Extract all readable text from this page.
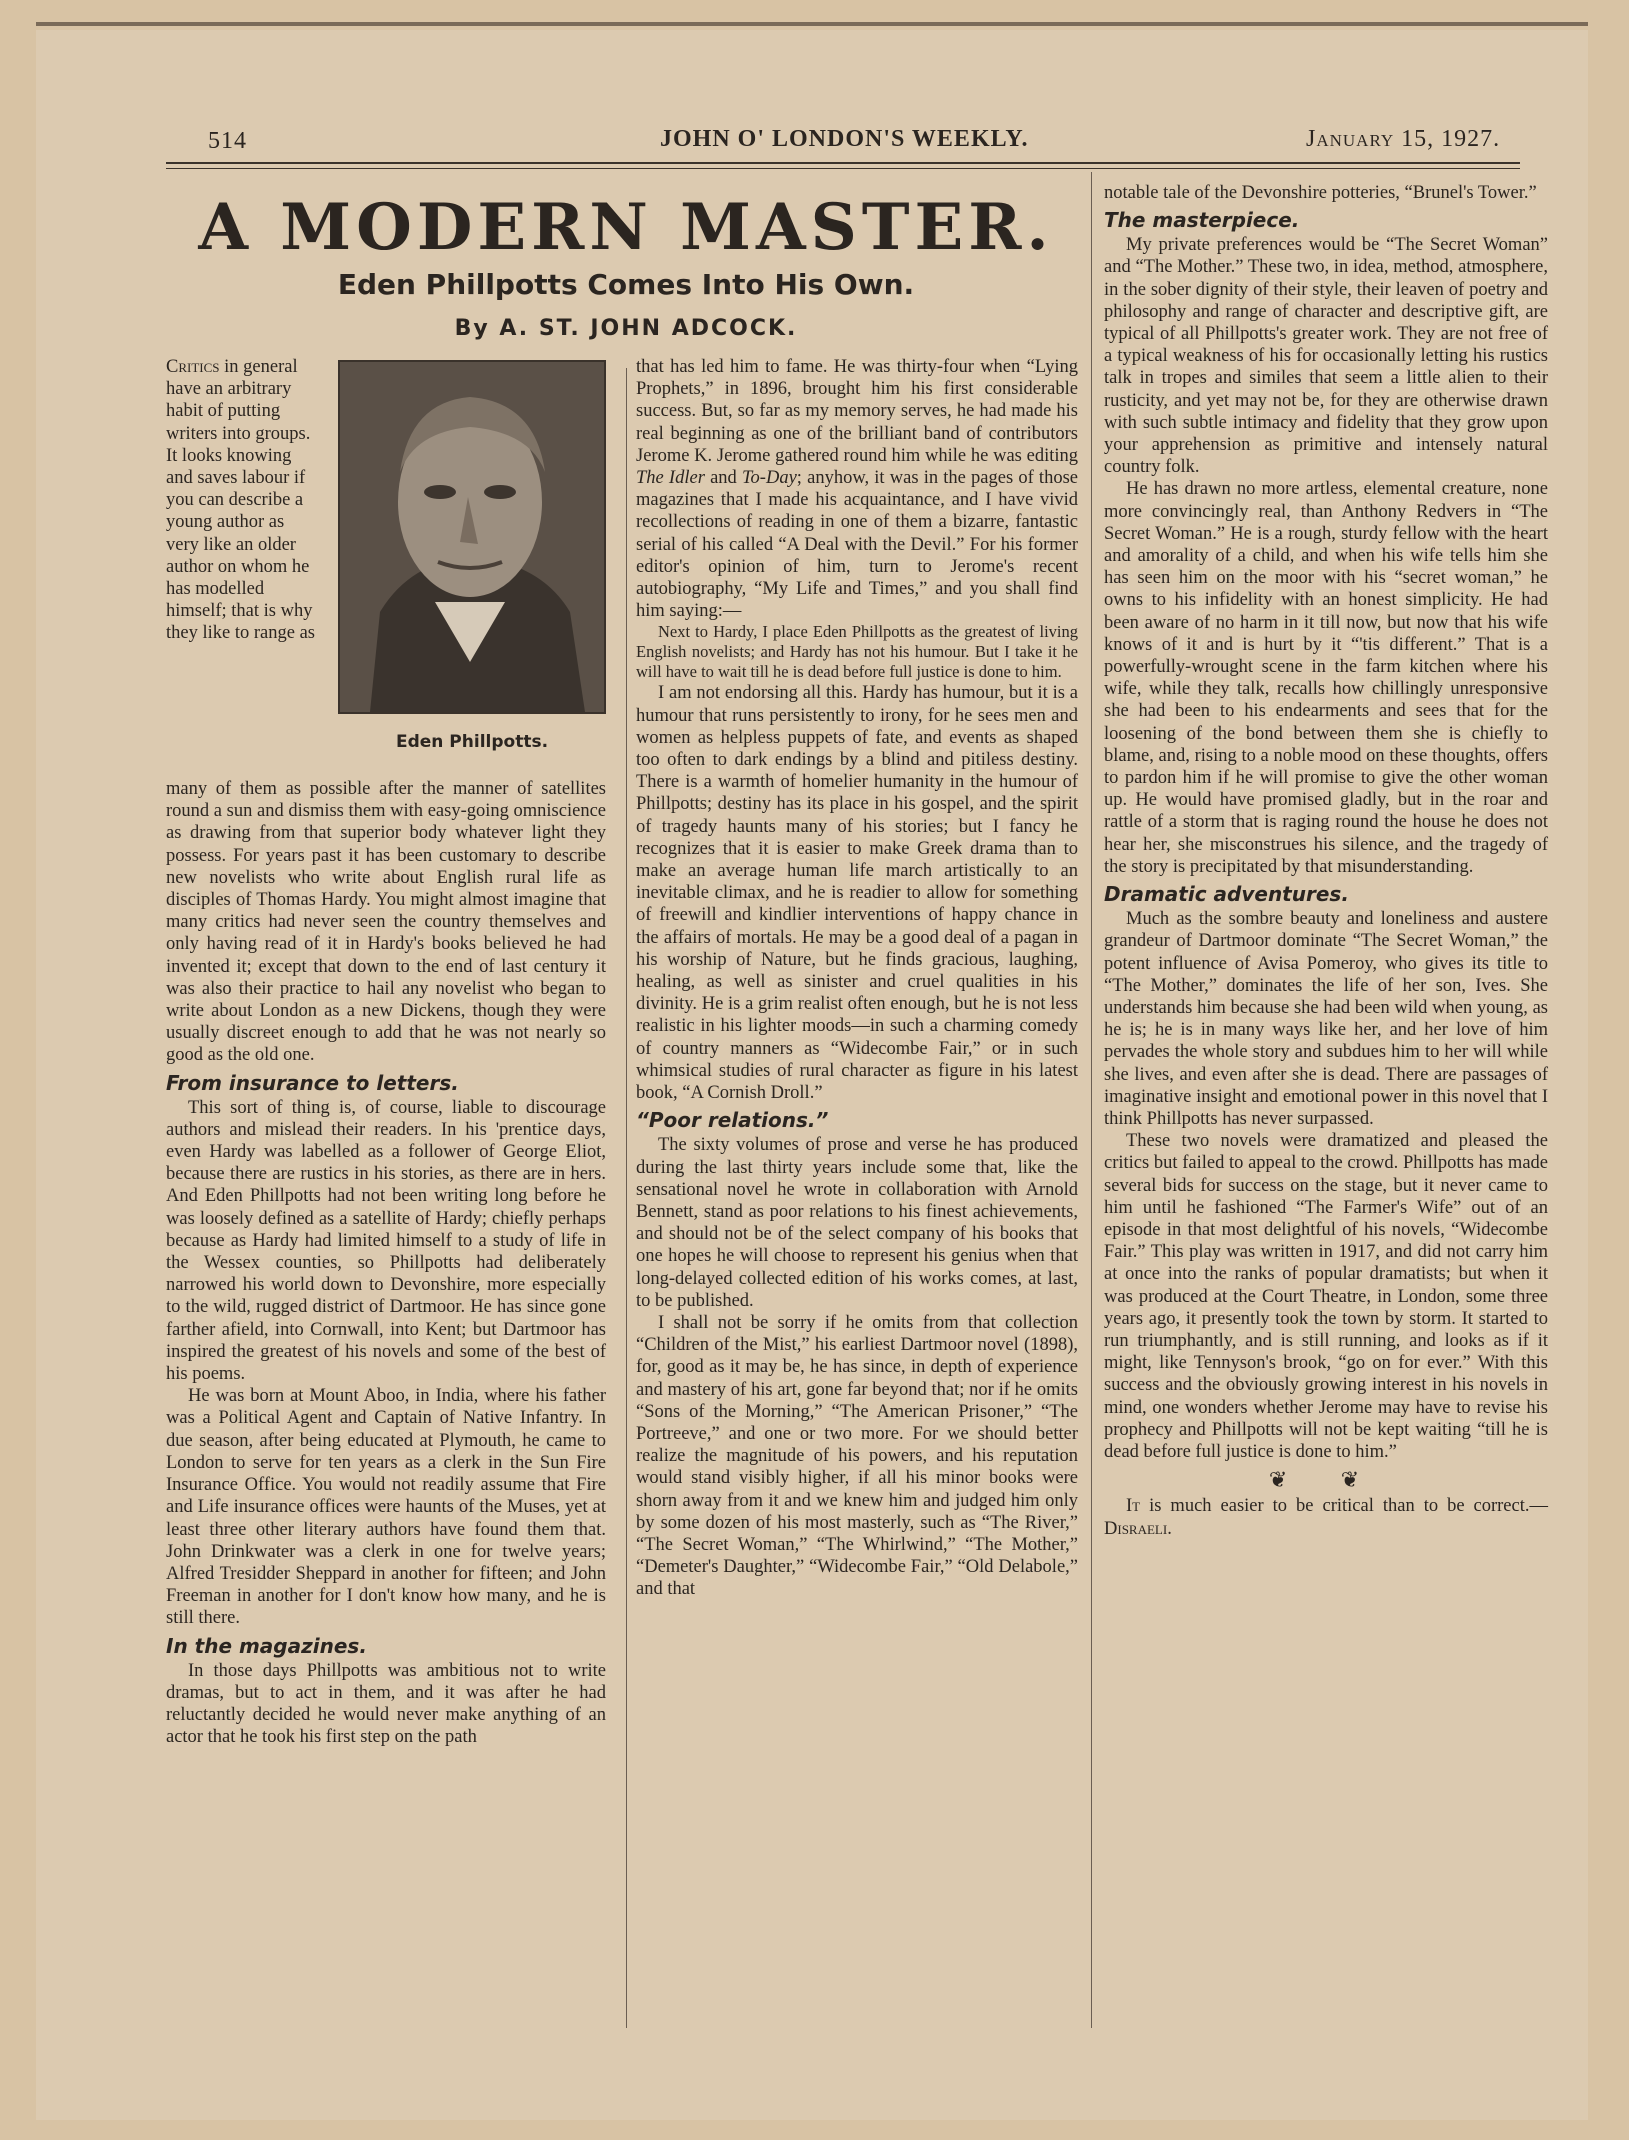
514	JOHN O' LONDON'S WEEKLY.	January 15, 1927.
A MODERN MASTER.
Eden Phillpotts Comes Into His Own.
By A. ST. JOHN ADCOCK.
Eden Phillpotts.

Critics in general have an arbitrary habit of putting writers into groups. It looks knowing and saves labour if you can describe a young author as very like an older author on whom he has modelled himself; that is why they like to range as

many of them as possible after the manner of satellites round a sun and dismiss them with easy-going omniscience as drawing from that superior body whatever light they possess. For years past it has been customary to describe new novelists who write about English rural life as disciples of Thomas Hardy. You might almost imagine that many critics had never seen the country themselves and only having read of it in Hardy's books believed he had invented it; except that down to the end of last century it was also their practice to hail any novelist who began to write about London as a new Dickens, though they were usually discreet enough to add that he was not nearly so good as the old one.

From insurance to letters.

This sort of thing is, of course, liable to discourage authors and mislead their readers. In his 'prentice days, even Hardy was labelled as a follower of George Eliot, because there are rustics in his stories, as there are in hers. And Eden Phillpotts had not been writing long before he was loosely defined as a satellite of Hardy; chiefly perhaps because as Hardy had limited himself to a study of life in the Wessex counties, so Phillpotts had deliberately narrowed his world down to Devonshire, more especially to the wild, rugged district of Dartmoor. He has since gone farther afield, into Cornwall, into Kent; but Dartmoor has inspired the greatest of his novels and some of the best of his poems.

He was born at Mount Aboo, in India, where his father was a Political Agent and Captain of Native Infantry. In due season, after being educated at Plymouth, he came to London to serve for ten years as a clerk in the Sun Fire Insurance Office. You would not readily assume that Fire and Life insurance offices were haunts of the Muses, yet at least three other literary authors have found them that. John Drinkwater was a clerk in one for twelve years; Alfred Tresidder Sheppard in another for fifteen; and John Freeman in another for I don't know how many, and he is still there.

In the magazines.

In those days Phillpotts was ambitious not to write dramas, but to act in them, and it was after he had reluctantly decided he would never make anything of an actor that he took his first step on the path

that has led him to fame. He was thirty-four when “Lying Prophets,” in 1896, brought him his first considerable success. But, so far as my memory serves, he had made his real beginning as one of the brilliant band of contributors Jerome K. Jerome gathered round him while he was editing The Idler and To-Day; anyhow, it was in the pages of those magazines that I made his acquaintance, and I have vivid recollections of reading in one of them a bizarre, fantastic serial of his called “A Deal with the Devil.” For his former editor's opinion of him, turn to Jerome's recent autobiography, “My Life and Times,” and you shall find him saying:—

Next to Hardy, I place Eden Phillpotts as the greatest of living English novelists; and Hardy has not his humour. But I take it he will have to wait till he is dead before full justice is done to him.

I am not endorsing all this. Hardy has humour, but it is a humour that runs persistently to irony, for he sees men and women as helpless puppets of fate, and events as shaped too often to dark endings by a blind and pitiless destiny. There is a warmth of homelier humanity in the humour of Phillpotts; destiny has its place in his gospel, and the spirit of tragedy haunts many of his stories; but I fancy he recognizes that it is easier to make Greek drama than to make an average human life march artistically to an inevitable climax, and he is readier to allow for something of freewill and kindlier interventions of happy chance in the affairs of mortals. He may be a good deal of a pagan in his worship of Nature, but he finds gracious, laughing, healing, as well as sinister and cruel qualities in his divinity. He is a grim realist often enough, but he is not less realistic in his lighter moods—in such a charming comedy of country manners as “Widecombe Fair,” or in such whimsical studies of rural character as figure in his latest book, “A Cornish Droll.”

“Poor relations.”

The sixty volumes of prose and verse he has produced during the last thirty years include some that, like the sensational novel he wrote in collaboration with Arnold Bennett, stand as poor relations to his finest achievements, and should not be of the select company of his books that one hopes he will choose to represent his genius when that long-delayed collected edition of his works comes, at last, to be published.

I shall not be sorry if he omits from that collection “Children of the Mist,” his earliest Dartmoor novel (1898), for, good as it may be, he has since, in depth of experience and mastery of his art, gone far beyond that; nor if he omits “Sons of the Morning,” “The American Prisoner,” “The Portreeve,” and one or two more. For we should better realize the magnitude of his powers, and his reputation would stand visibly higher, if all his minor books were shorn away from it and we knew him and judged him only by some dozen of his most masterly, such as “The River,” “The Secret Woman,” “The Whirlwind,” “The Mother,” “Demeter's Daughter,” “Widecombe Fair,” “Old Delabole,” and that

notable tale of the Devonshire potteries, “Brunel's Tower.”

The masterpiece.

My private preferences would be “The Secret Woman” and “The Mother.” These two, in idea, method, atmosphere, in the sober dignity of their style, their leaven of poetry and philosophy and range of character and descriptive gift, are typical of all Phillpotts's greater work. They are not free of a typical weakness of his for occasionally letting his rustics talk in tropes and similes that seem a little alien to their rusticity, and yet may not be, for they are otherwise drawn with such subtle intimacy and fidelity that they grow upon your apprehension as primitive and intensely natural country folk.

He has drawn no more artless, elemental creature, none more convincingly real, than Anthony Redvers in “The Secret Woman.” He is a rough, sturdy fellow with the heart and amorality of a child, and when his wife tells him she has seen him on the moor with his “secret woman,” he owns to his infidelity with an honest simplicity. He had been aware of no harm in it till now, but now that his wife knows of it and is hurt by it “'tis different.” That is a powerfully-wrought scene in the farm kitchen where his wife, while they talk, recalls how chillingly unresponsive she had been to his endearments and sees that for the loosening of the bond between them she is chiefly to blame, and, rising to a noble mood on these thoughts, offers to pardon him if he will promise to give the other woman up. He would have promised gladly, but in the roar and rattle of a storm that is raging round the house he does not hear her, she misconstrues his silence, and the tragedy of the story is precipitated by that misunderstanding.

Dramatic adventures.

Much as the sombre beauty and loneliness and austere grandeur of Dartmoor dominate “The Secret Woman,” the potent influence of Avisa Pomeroy, who gives its title to “The Mother,” dominates the life of her son, Ives. She understands him because she had been wild when young, as he is; he is in many ways like her, and her love of him pervades the whole story and subdues him to her will while she lives, and even after she is dead. There are passages of imaginative insight and emotional power in this novel that I think Phillpotts has never surpassed.

These two novels were dramatized and pleased the critics but failed to appeal to the crowd. Phillpotts has made several bids for success on the stage, but it never came to him until he fashioned “The Farmer's Wife” out of an episode in that most delightful of his novels, “Widecombe Fair.” This play was written in 1917, and did not carry him at once into the ranks of popular dramatists; but when it was produced at the Court Theatre, in London, some three years ago, it presently took the town by storm. It started to run triumphantly, and is still running, and looks as if it might, like Tennyson's brook, “go on for ever.” With this success and the obviously growing interest in his novels in mind, one wonders whether Jerome may have to revise his prophecy and Phillpotts will not be kept waiting “till he is dead before full justice is done to him.”

❦ ❦

It is much easier to be critical than to be correct.—Disraeli.
